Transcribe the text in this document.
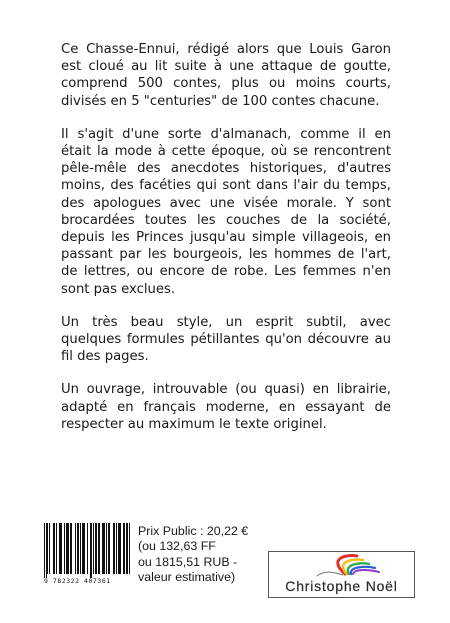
Ce Chasse-Ennui, rédigé alors que Louis Garon est cloué au lit suite à une attaque de goutte, comprend 500 contes, plus ou moins courts, divisés en 5 "centuries" de 100 contes chacune.

Il s'agit d'une sorte d'almanach, comme il en était la mode à cette époque, où se rencontrent pêle-mêle des anecdotes historiques, d'autres moins, des facéties qui sont dans l'air du temps, des apologues avec une visée morale. Y sont brocardées toutes les couches de la société, depuis les Princes jusqu'au simple villageois, en passant par les bourgeois, les hommes de l'art, de lettres, ou encore de robe. Les femmes n'en sont pas exclues.

Un très beau style, un esprit subtil, avec quelques formules pétillantes qu'on découvre au fil des pages.

Un ouvrage, introuvable (ou quasi) en librairie, adapté en français moderne, en essayant de respecter au maximum le texte originel.

9 782322 407361
Prix Public : 20,22 €
(ou 132,63 FF
ou 1815,51 RUB -
valeur estimative)
Christophe Noël
